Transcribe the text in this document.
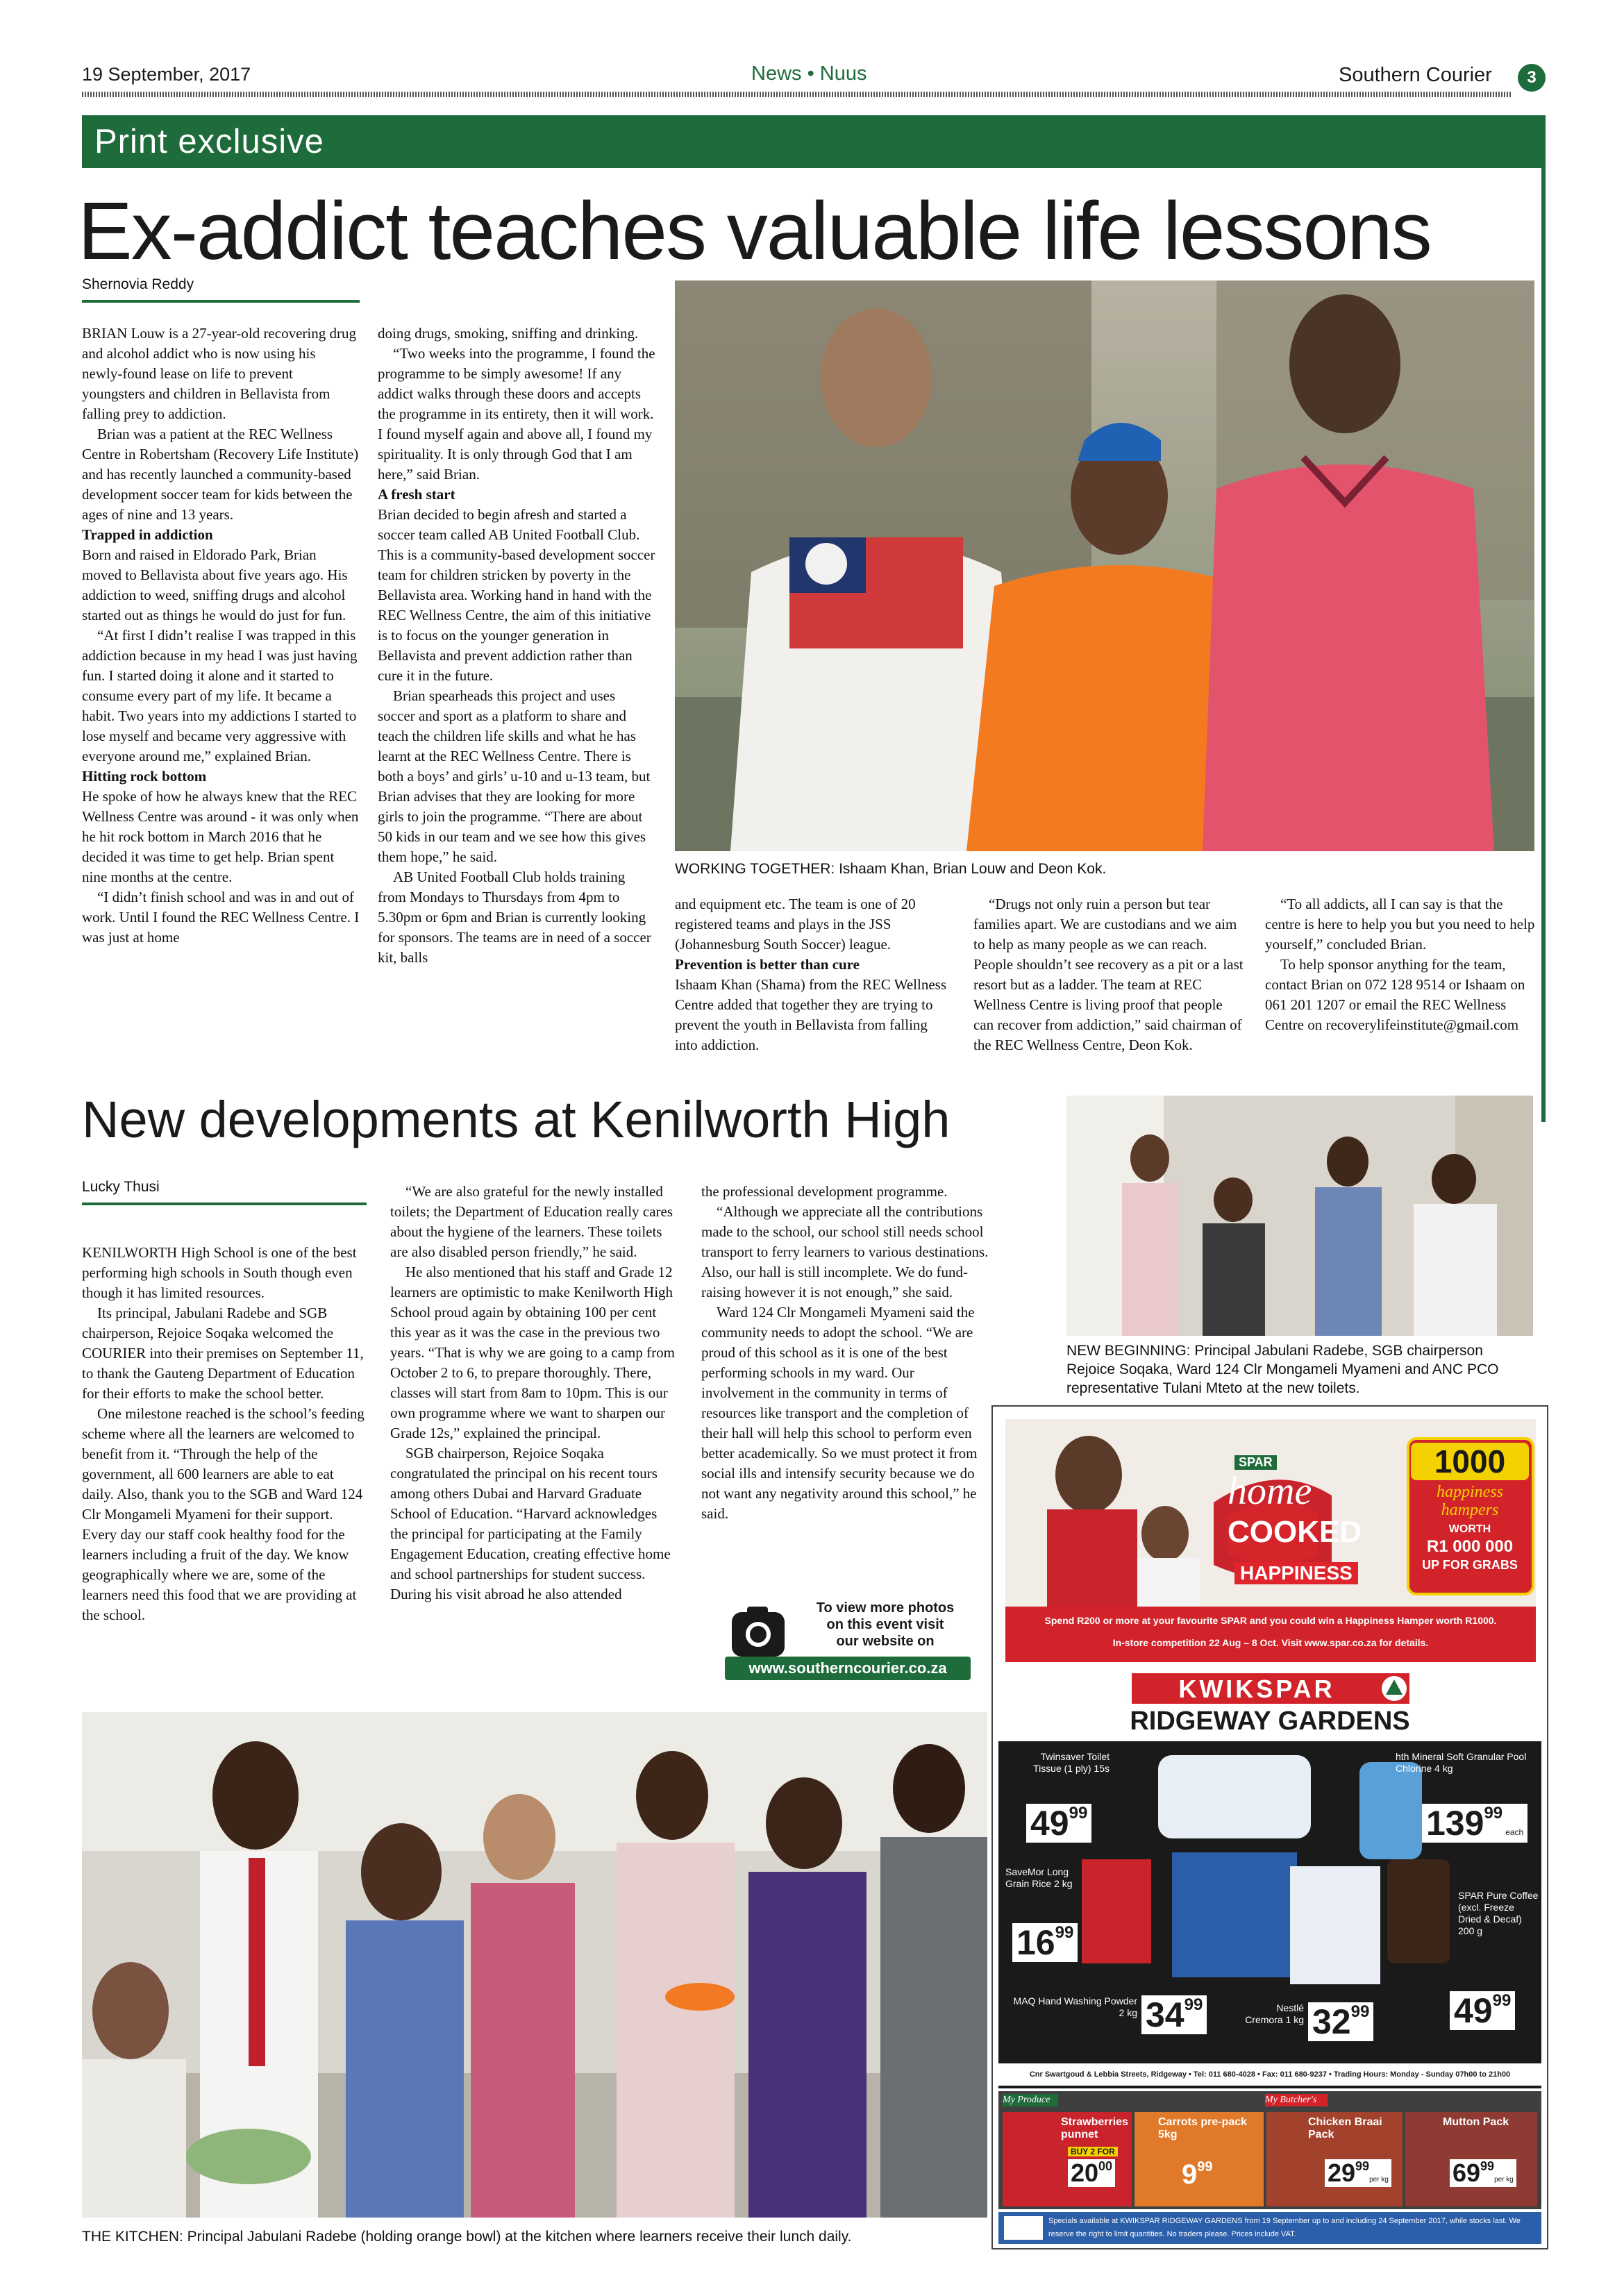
19 September, 2017	News • Nuus	Southern Courier	3
Print exclusive
Ex-addict teaches valuable life lessons
Shernovia Reddy

BRIAN Louw is a 27-year-old recovering drug and alcohol addict who is now using his newly-found lease on life to prevent youngsters and children in Bellavista from falling prey to addiction.

Brian was a patient at the REC Wellness Centre in Robertsham (Recovery Life Institute) and has recently launched a community-based development soccer team for kids between the ages of nine and 13 years.

Trapped in addiction

Born and raised in Eldorado Park, Brian moved to Bellavista about five years ago. His addiction to weed, sniffing drugs and alcohol started out as things he would do just for fun.

“At first I didn’t realise I was trapped in this addiction because in my head I was just having fun. I started doing it alone and it started to consume every part of my life. It became a habit. Two years into my addictions I started to lose myself and became very aggressive with everyone around me,” explained Brian.

Hitting rock bottom

He spoke of how he always knew that the REC Wellness Centre was around - it was only when he hit rock bottom in March 2016 that he decided it was time to get help. Brian spent nine months at the centre.

“I didn’t finish school and was in and out of work. Until I found the REC Wellness Centre. I was just at home

doing drugs, smoking, sniffing and drinking.

“Two weeks into the programme, I found the programme to be simply awesome! If any addict walks through these doors and accepts the programme in its entirety, then it will work. I found myself again and above all, I found my spirituality. It is only through God that I am here,” said Brian.

A fresh start

Brian decided to begin afresh and started a soccer team called AB United Football Club. This is a community-based development soccer team for children stricken by poverty in the Bellavista area. Working hand in hand with the REC Wellness Centre, the aim of this initiative is to focus on the younger generation in Bellavista and prevent addiction rather than cure it in the future.

Brian spearheads this project and uses soccer and sport as a platform to share and teach the children life skills and what he has learnt at the REC Wellness Centre. There is both a boys’ and girls’ u-10 and u-13 team, but Brian advises that they are looking for more girls to join the programme. “There are about 50 kids in our team and we see how this gives them hope,” he said.

AB United Football Club holds training from Mondays to Thursdays from 4pm to 5.30pm or 6pm and Brian is currently looking for sponsors. The teams are in need of a soccer kit, balls

WORKING TOGETHER: Ishaam Khan, Brian Louw and Deon Kok.

and equipment etc. The team is one of 20 registered teams and plays in the JSS (Johannesburg South Soccer) league.

Prevention is better than cure

Ishaam Khan (Shama) from the REC Wellness Centre added that together they are trying to prevent the youth in Bellavista from falling into addiction.

“Drugs not only ruin a person but tear families apart. We are custodians and we aim to help as many people as we can reach. People shouldn’t see recovery as a pit or a last resort but as a ladder. The team at REC Wellness Centre is living proof that people can recover from addiction,” said chairman of the REC Wellness Centre, Deon Kok.

“To all addicts, all I can say is that the centre is here to help you but you need to help yourself,” concluded Brian.

To help sponsor anything for the team, contact Brian on 072 128 9514 or Ishaam on 061 201 1207 or email the REC Wellness Centre on recoverylifeinstitute@gmail.com

New developments at Kenilworth High
Lucky Thusi

KENILWORTH High School is one of the best performing high schools in South though even though it has limited resources.

Its principal, Jabulani Radebe and SGB chairperson, Rejoice Soqaka welcomed the COURIER into their premises on September 11, to thank the Gauteng Department of Education for their efforts to make the school better.

One milestone reached is the school’s feeding scheme where all the learners are welcomed to benefit from it. “Through the help of the government, all 600 learners are able to eat daily. Also, thank you to the SGB and Ward 124 Clr Mongameli Myameni for their support. Every day our staff cook healthy food for the learners including a fruit of the day. We know geographically where we are, some of the learners need this food that we are providing at the school.

“We are also grateful for the newly installed toilets; the Department of Education really cares about the hygiene of the learners. These toilets are also disabled person friendly,” he said.

He also mentioned that his staff and Grade 12 learners are optimistic to make Kenilworth High School proud again by obtaining 100 per cent this year as it was the case in the previous two years. “That is why we are going to a camp from October 2 to 6, to prepare thoroughly. There, classes will start from 8am to 10pm. This is our own programme where we want to sharpen our Grade 12s,” explained the principal.

SGB chairperson, Rejoice Soqaka congratulated the principal on his recent tours among others Dubai and Harvard Graduate School of Education. “Harvard acknowledges the principal for participating at the Family Engagement Education, creating effective home and school partnerships for student success. During his visit abroad he also attended

the professional development programme.

“Although we appreciate all the contributions made to the school, our school still needs school transport to ferry learners to various destinations. Also, our hall is still incomplete. We do fund-raising however it is not enough,” she said.

Ward 124 Clr Mongameli Myameni said the community needs to adopt the school. “We are proud of this school as it is one of the best performing schools in my ward. Our involvement in the community in terms of resources like transport and the completion of their hall will help this school to perform even better academically. So we must protect it from social ills and intensify security because we do not want any negativity around this school,” he said.

To view more photos
on this event visit
our website on
www.southerncourier.co.za
NEW BEGINNING: Principal Jabulani Radebe, SGB chairperson Rejoice Soqaka, Ward 124 Clr Mongameli Myameni and ANC PCO representative Tulani Mteto at the new toilets.
THE KITCHEN: Principal Jabulani Radebe (holding orange bowl) at the kitchen where learners receive their lunch daily.
SPAR
home
COOKED
HAPPINESS
1000
happiness hampers
WORTH
R1 000 000
UP FOR GRABS
Spend R200 or more at your favourite SPAR and you could win a Happiness Hamper worth R1000.
In-store competition 22 Aug – 8 Oct. Visit www.spar.co.za for details.
KWIKSPAR
RIDGEWAY GARDENS
Twinsaver Toilet Tissue (1 ply) 15s
4999
hth Mineral Soft Granular Pool Chlorine 4 kg
13999 each
SaveMor Long Grain Rice 2 kg
1699
SPAR Pure Coffee (excl. Freeze Dried & Decaf) 200 g
4999
MAQ Hand Washing Powder 2 kg 3499	Nestlé Cremora 1 kg 3299
Cnr Swartgoud & Lebbia Streets, Ridgeway • Tel: 011 680-4028 • Fax: 011 680-9237 • Trading Hours: Monday - Sunday 07h00 to 21h00
My Produce	My Butcher's
Strawberries punnet
BUY 2 FOR
2000
Carrots pre-pack 5kg
999
Chicken Braai Pack
2999per kg
Mutton Pack
6999per kg
Specials available at KWIKSPAR RIDGEWAY GARDENS from 19 September up to and including 24 September 2017, while stocks last. We reserve the right to limit quantities. No traders please. Prices include VAT.
